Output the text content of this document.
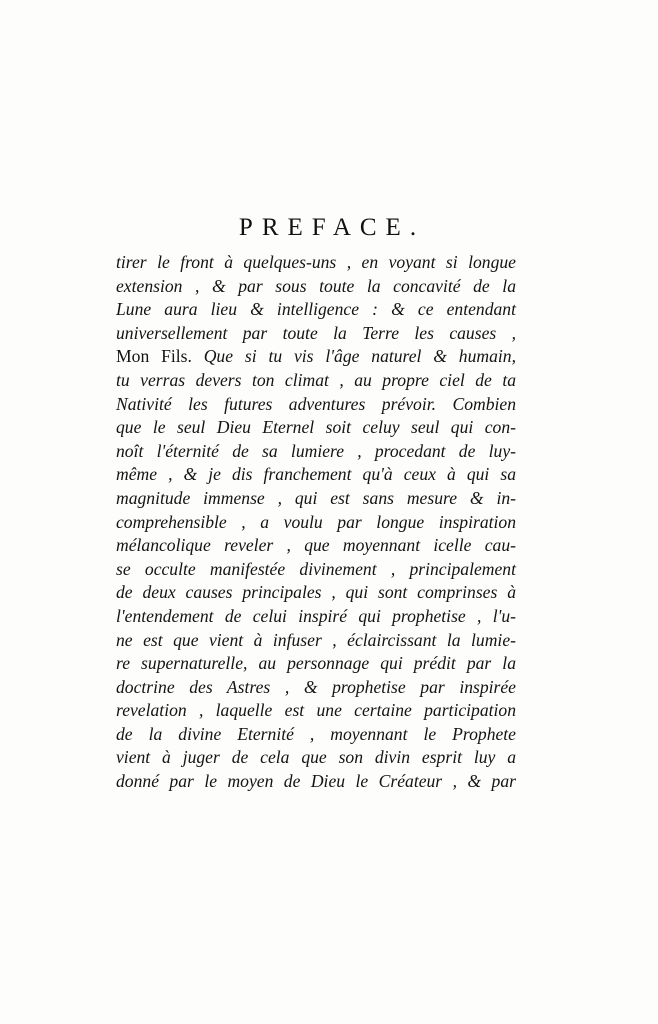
PREFACE.
tirer le front à quelques-uns , en voyant si longue
extension , & par sous toute la concavité de la
Lune aura lieu & intelligence : & ce entendant
universellement par toute la Terre les causes ,
Mon Fils. Que si tu vis l'âge naturel & humain,
tu verras devers ton climat , au propre ciel de ta
Nativité les futures adventures prévoir. Combien
que le seul Dieu Eternel soit celuy seul qui con-
noît l'éternité de sa lumiere , procedant de luy-
même , & je dis franchement qu'à ceux à qui sa
magnitude immense , qui est sans mesure & in-
comprehensible , a voulu par longue inspiration
mélancolique reveler , que moyennant icelle cau-
se occulte manifestée divinement , principalement
de deux causes principales , qui sont comprinses à
l'entendement de celui inspiré qui prophetise , l'u-
ne est que vient à infuser , éclaircissant la lumie-
re supernaturelle, au personnage qui prédit par la
doctrine des Astres , & prophetise par inspirée
revelation , laquelle est une certaine participation
de la divine Eternité , moyennant le Prophete
vient à juger de cela que son divin esprit luy a
donné par le moyen de Dieu le Créateur , & par
